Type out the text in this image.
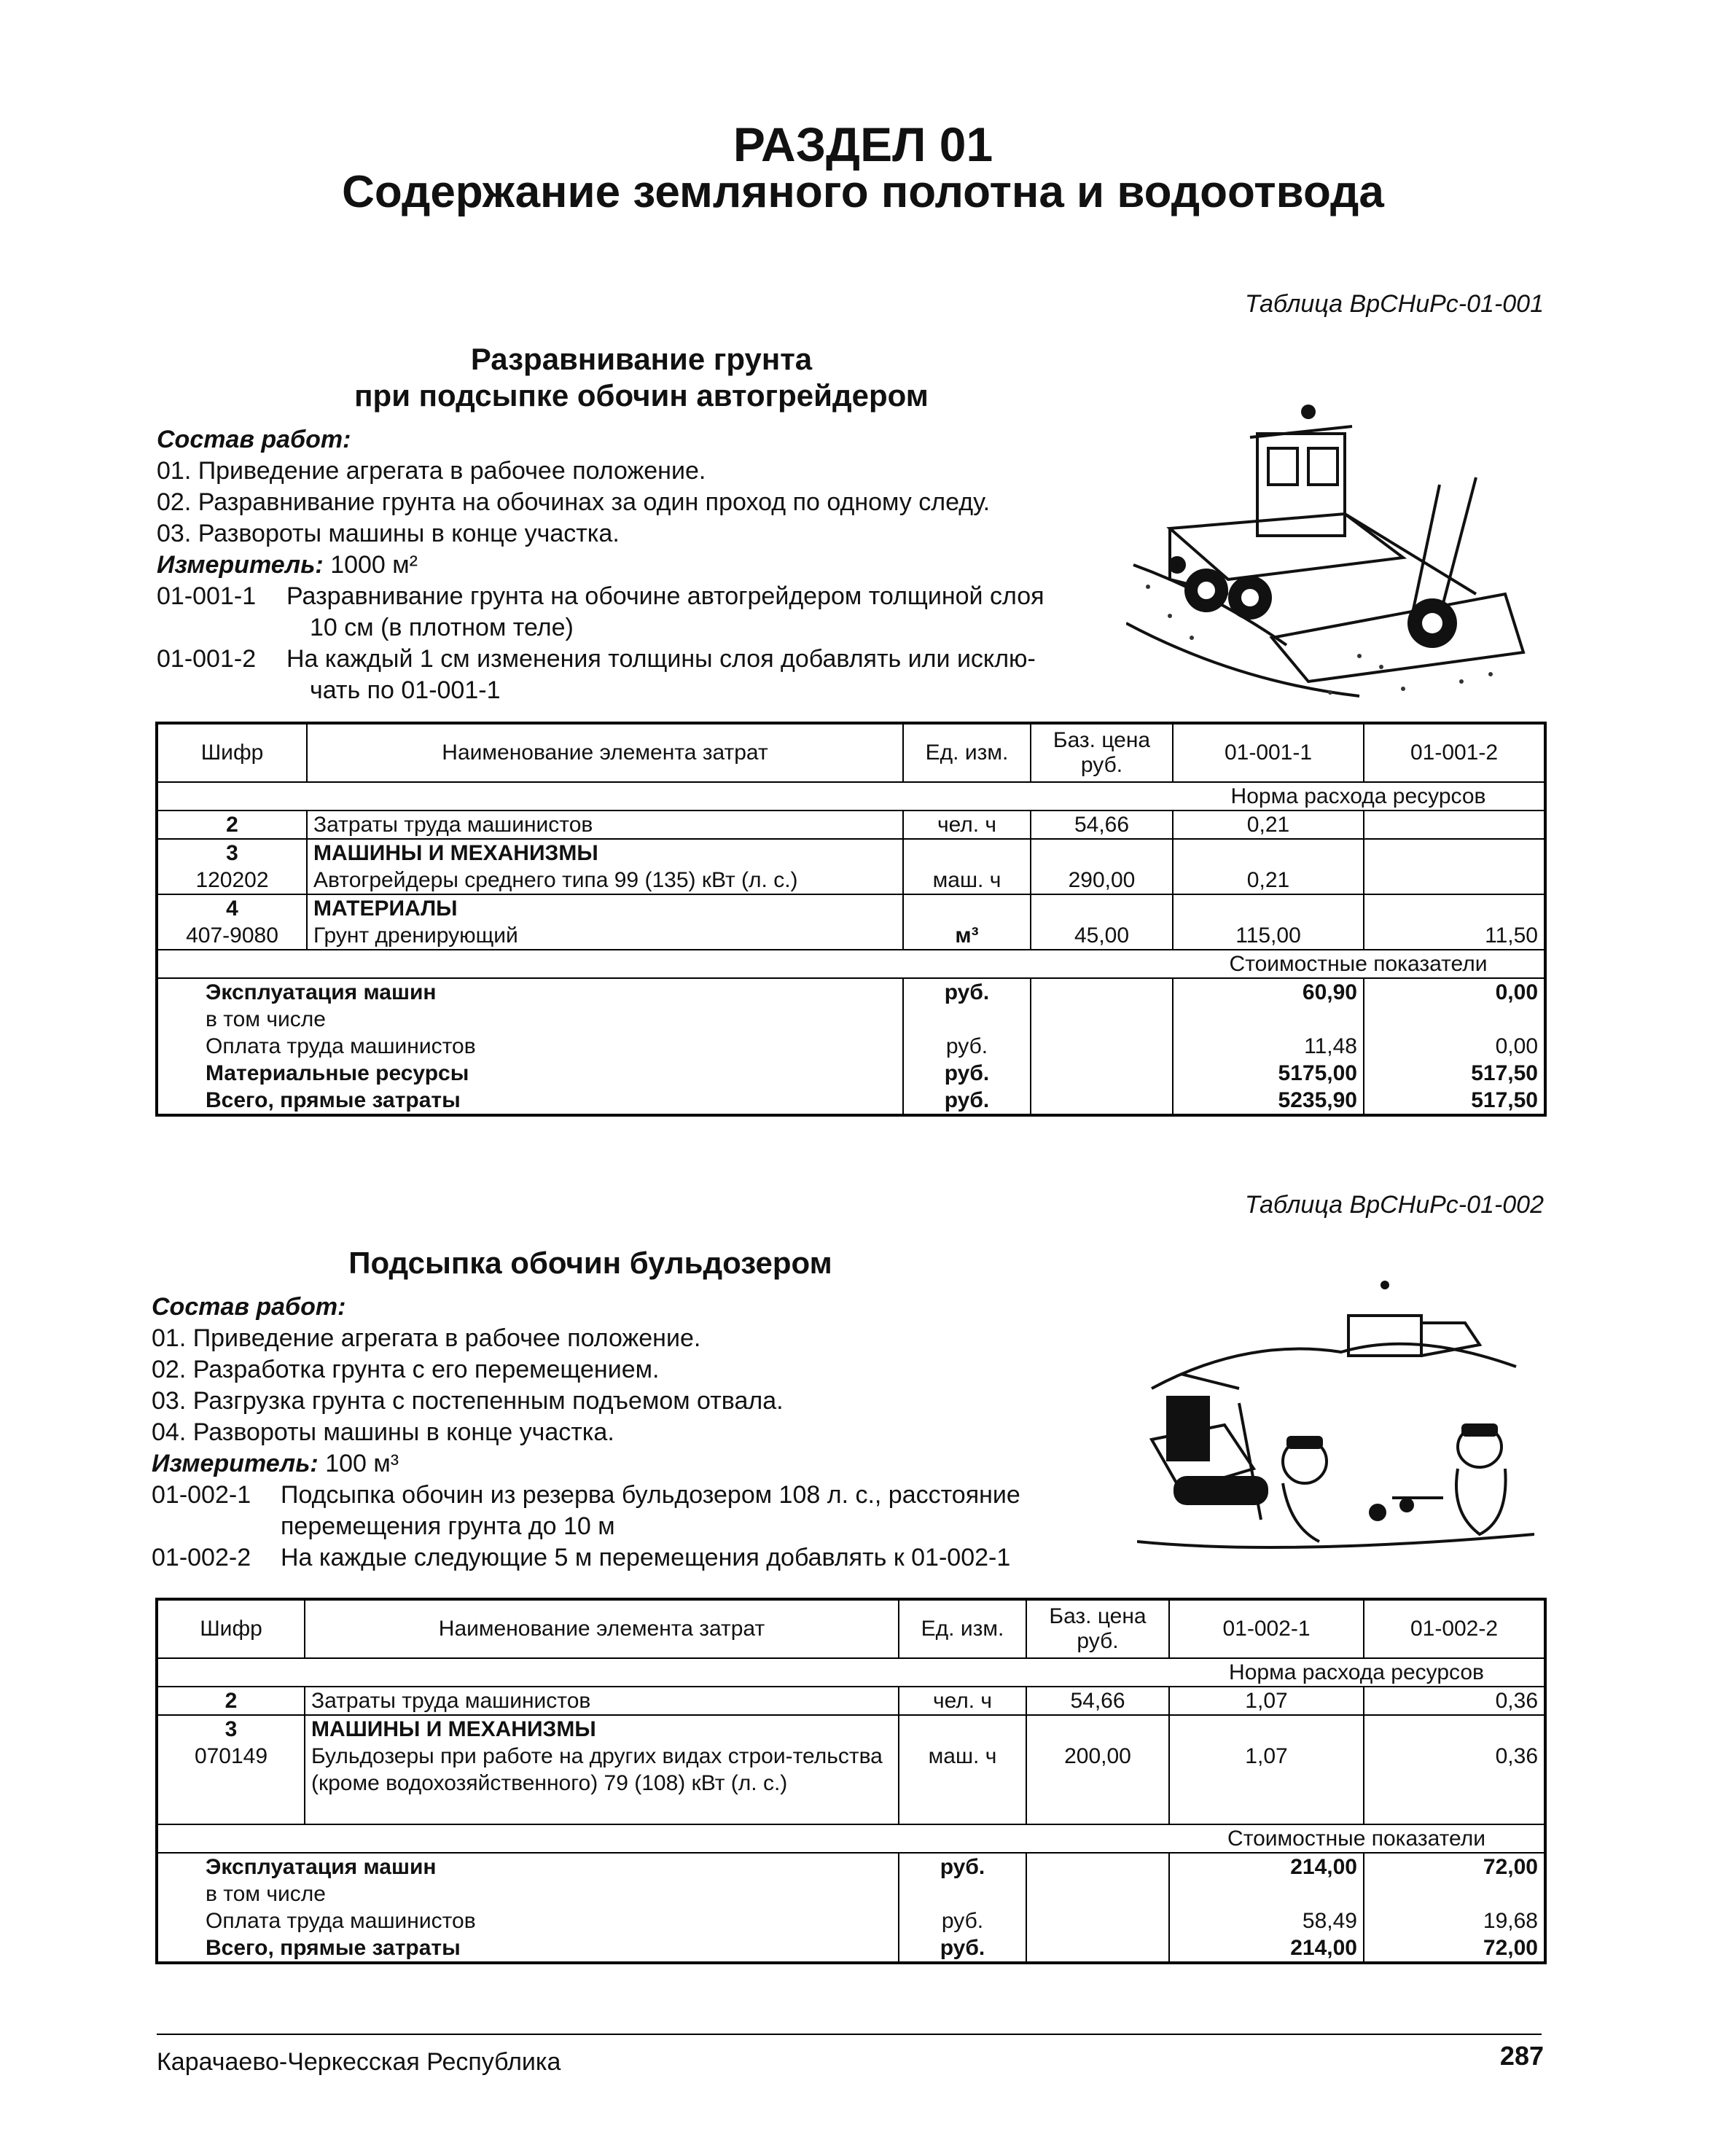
РАЗДЕЛ 01
Содержание земляного полотна и водоотвода
Таблица ВрСНиРс-01-001
Разравнивание грунта
при подсыпке обочин автогрейдером
Состав работ:
01. Приведение агрегата в рабочее положение.
02. Разравнивание грунта на обочинах за один проход по одному следу.
03. Развороты машины в конце участка.
Измеритель: 1000 м²
01-001-1 Разравнивание грунта на обочине автогрейдером толщиной слоя
10 см (в плотном теле)
01-001-2 На каждый 1 см изменения толщины слоя добавлять или исклю-
чать по 01-001-1
Шифр	Наименование элемента затрат	Ед. изм.	Баз. цена руб.	01-001-1	01-001-2
				Норма расхода ресурсов	
2	Затраты труда машинистов	чел. ч	54,66	0,21	
3	МАШИНЫ И МЕХАНИЗМЫ				
120202	Автогрейдеры среднего типа 99 (135) кВт (л. с.)	маш. ч	290,00	0,21	
4	МАТЕРИАЛЫ				
407-9080	Грунт дренирующий	м³	45,00	115,00	11,50
				Стоимостные показатели	
Эксплуатация машин		руб.		60,90	0,00
в том числе					
Оплата труда машинистов		руб.		11,48	0,00
Материальные ресурсы		руб.		5175,00	517,50
Всего, прямые затраты		руб.		5235,90	517,50
Таблица ВрСНиРс-01-002
Подсыпка обочин бульдозером
Состав работ:
01. Приведение агрегата в рабочее положение.
02. Разработка грунта с его перемещением.
03. Разгрузка грунта с постепенным подъемом отвала.
04. Развороты машины в конце участка.
Измеритель: 100 м³
01-002-1 Подсыпка обочин из резерва бульдозером 108 л. с., расстояние
перемещения грунта до 10 м
01-002-2 На каждые следующие 5 м перемещения добавлять к 01-002-1
Шифр	Наименование элемента затрат	Ед. изм.	Баз. цена руб.	01-002-1	01-002-2
				Норма расхода ресурсов	
2	Затраты труда машинистов	чел. ч	54,66	1,07	0,36
3	МАШИНЫ И МЕХАНИЗМЫ				
070149	Бульдозеры при работе на других видах строи-тельства (кроме водохозяйственного) 79 (108) кВт (л. с.)	маш. ч	200,00	1,07	0,36
				Стоимостные показатели	
Эксплуатация машин		руб.		214,00	72,00
в том числе					
Оплата труда машинистов		руб.		58,49	19,68
Всего, прямые затраты		руб.		214,00	72,00
Карачаево-Черкесская Республика	287
